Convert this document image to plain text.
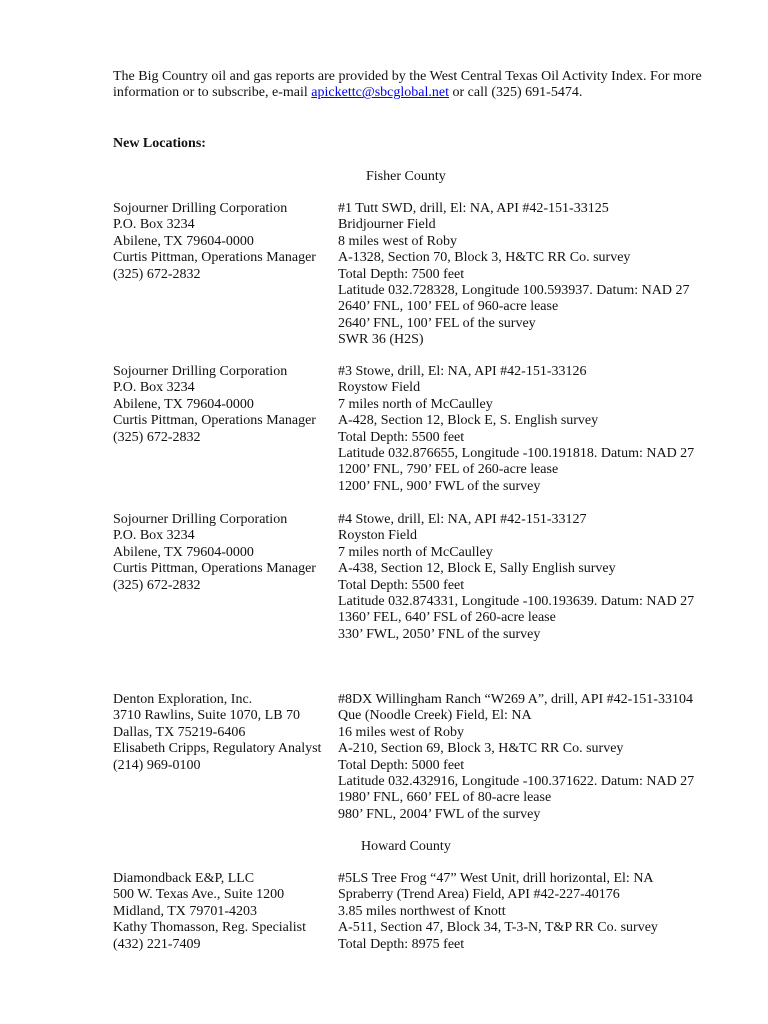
The Big Country oil and gas reports are provided by the West Central Texas Oil Activity Index. For more
information or to subscribe, e-mail apickettc@sbcglobal.net or call (325) 691-5474.
New Locations:
Fisher County
Sojourner Drilling Corporation
P.O. Box 3234
Abilene, TX 79604-0000
Curtis Pittman, Operations Manager
(325) 672-2832
#1 Tutt SWD, drill, El: NA, API #42-151-33125
Bridjourner Field
8 miles west of Roby
A-1328, Section 70, Block 3, H&TC RR Co. survey
Total Depth: 7500 feet
Latitude 032.728328, Longitude 100.593937. Datum: NAD 27
2640’ FNL, 100’ FEL of 960-acre lease
2640’ FNL, 100’ FEL of the survey
SWR 36 (H2S)
Sojourner Drilling Corporation
P.O. Box 3234
Abilene, TX 79604-0000
Curtis Pittman, Operations Manager
(325) 672-2832
#3 Stowe, drill, El: NA, API #42-151-33126
Roystow Field
7 miles north of McCaulley
A-428, Section 12, Block E, S. English survey
Total Depth: 5500 feet
Latitude 032.876655, Longitude -100.191818. Datum: NAD 27
1200’ FNL, 790’ FEL of 260-acre lease
1200’ FNL, 900’ FWL of the survey
Sojourner Drilling Corporation
P.O. Box 3234
Abilene, TX 79604-0000
Curtis Pittman, Operations Manager
(325) 672-2832
#4 Stowe, drill, El: NA, API #42-151-33127
Royston Field
7 miles north of McCaulley
A-438, Section 12, Block E, Sally English survey
Total Depth: 5500 feet
Latitude 032.874331, Longitude -100.193639. Datum: NAD 27
1360’ FEL, 640’ FSL of 260-acre lease
330’ FWL, 2050’ FNL of the survey
Denton Exploration, Inc.
3710 Rawlins, Suite 1070, LB 70
Dallas, TX 75219-6406
Elisabeth Cripps, Regulatory Analyst
(214) 969-0100
#8DX Willingham Ranch “W269 A”, drill, API #42-151-33104
Que (Noodle Creek) Field, El: NA
16 miles west of Roby
A-210, Section 69, Block 3, H&TC RR Co. survey
Total Depth: 5000 feet
Latitude 032.432916, Longitude -100.371622. Datum: NAD 27
1980’ FNL, 660’ FEL of 80-acre lease
980’ FNL, 2004’ FWL of the survey
Howard County
Diamondback E&P, LLC
500 W. Texas Ave., Suite 1200
Midland, TX 79701-4203
Kathy Thomasson, Reg. Specialist
(432) 221-7409
#5LS Tree Frog “47” West Unit, drill horizontal, El: NA
Spraberry (Trend Area) Field, API #42-227-40176
3.85 miles northwest of Knott
A-511, Section 47, Block 34, T-3-N, T&P RR Co. survey
Total Depth: 8975 feet
